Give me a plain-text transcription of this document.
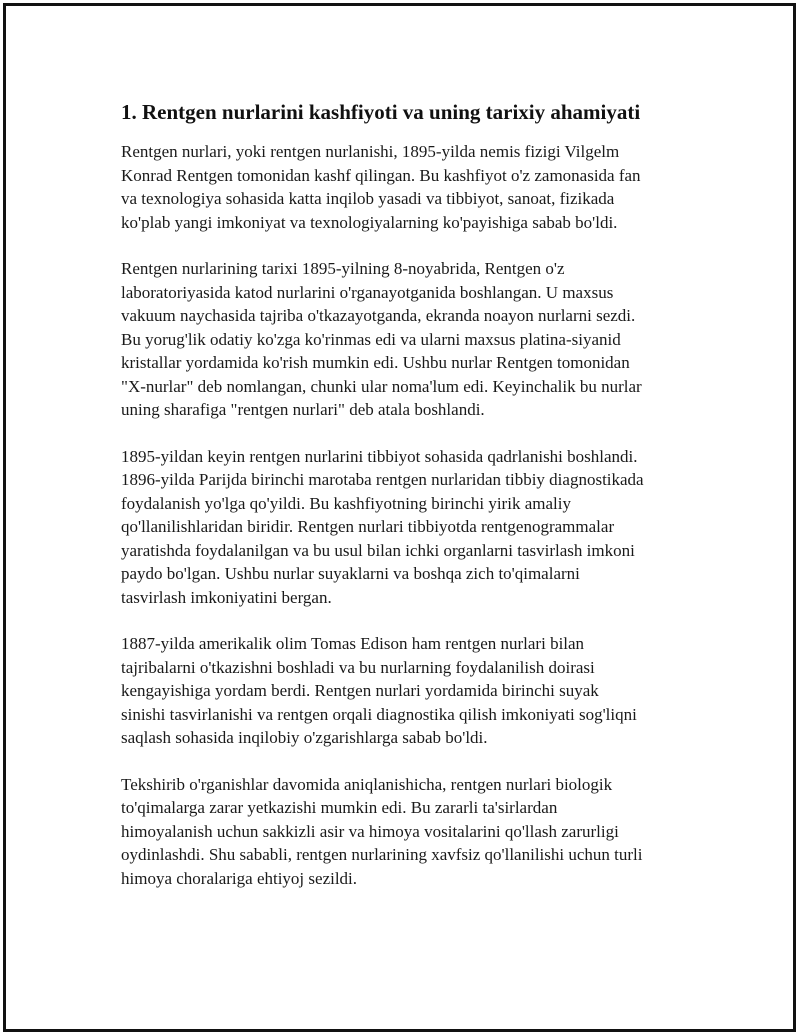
1. Rentgen nurlarini kashfiyoti va uning tarixiy ahamiyati

Rentgen nurlari, yoki rentgen nurlanishi, 1895-yilda nemis fizigi Vilgelm
Konrad Rentgen tomonidan kashf qilingan. Bu kashfiyot o'z zamonasida fan
va texnologiya sohasida katta inqilob yasadi va tibbiyot, sanoat, fizikada
ko'plab yangi imkoniyat va texnologiyalarning ko'payishiga sabab bo'ldi.

Rentgen nurlarining tarixi 1895-yilning 8-noyabrida, Rentgen o'z
laboratoriyasida katod nurlarini o'rganayotganida boshlangan. U maxsus
vakuum naychasida tajriba o'tkazayotganda, ekranda noayon nurlarni sezdi.
Bu yorug'lik odatiy ko'zga ko'rinmas edi va ularni maxsus platina-siyanid
kristallar yordamida ko'rish mumkin edi. Ushbu nurlar Rentgen tomonidan
"X-nurlar" deb nomlangan, chunki ular noma'lum edi. Keyinchalik bu nurlar
uning sharafiga "rentgen nurlari" deb atala boshlandi.

1895-yildan keyin rentgen nurlarini tibbiyot sohasida qadrlanishi boshlandi.
1896-yilda Parijda birinchi marotaba rentgen nurlaridan tibbiy diagnostikada
foydalanish yo'lga qo'yildi. Bu kashfiyotning birinchi yirik amaliy
qo'llanilishlaridan biridir. Rentgen nurlari tibbiyotda rentgenogrammalar
yaratishda foydalanilgan va bu usul bilan ichki organlarni tasvirlash imkoni
paydo bo'lgan. Ushbu nurlar suyaklarni va boshqa zich to'qimalarni
tasvirlash imkoniyatini bergan.

1887-yilda amerikalik olim Tomas Edison ham rentgen nurlari bilan
tajribalarni o'tkazishni boshladi va bu nurlarning foydalanilish doirasi
kengayishiga yordam berdi. Rentgen nurlari yordamida birinchi suyak
sinishi tasvirlanishi va rentgen orqali diagnostika qilish imkoniyati sog'liqni
saqlash sohasida inqilobiy o'zgarishlarga sabab bo'ldi.

Tekshirib o'rganishlar davomida aniqlanishicha, rentgen nurlari biologik
to'qimalarga zarar yetkazishi mumkin edi. Bu zararli ta'sirlardan
himoyalanish uchun sakkizli asir va himoya vositalarini qo'llash zarurligi
oydinlashdi. Shu sababli, rentgen nurlarining xavfsiz qo'llanilishi uchun turli
himoya choralariga ehtiyoj sezildi.
